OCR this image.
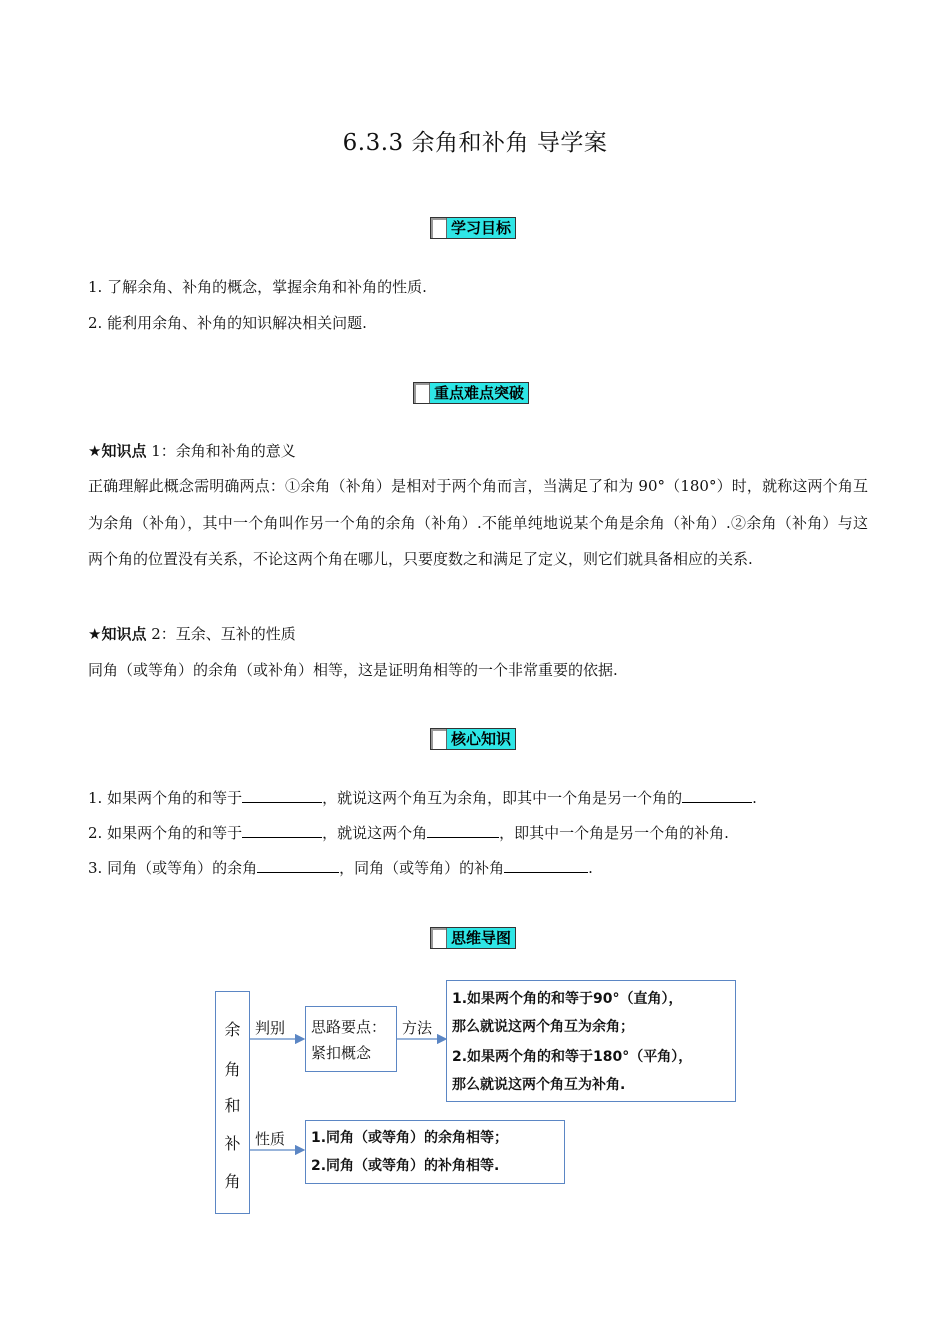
6.3.3 余角和补角 导学案
学习目标
1. 了解余角、补角的概念，掌握余角和补角的性质.
2. 能利用余角、补角的知识解决相关问题.
重点难点突破
★知识点 1：余角和补角的意义
正确理解此概念需明确两点：①余角（补角）是相对于两个角而言，当满足了和为 90°（180°）时，就称这两个角互为余角（补角），其中一个角叫作另一个角的余角（补角）.不能单纯地说某个角是余角（补角）.②余角（补角）与这两个角的位置没有关系，不论这两个角在哪儿，只要度数之和满足了定义，则它们就具备相应的关系.
★知识点 2：互余、互补的性质
同角（或等角）的余角（或补角）相等，这是证明角相等的一个非常重要的依据.
核心知识
1. 如果两个角的和等于	，就说这两个角互为余角，即其中一个角是另一个角的	.
2. 如果两个角的和等于	，就说这两个角	，即其中一个角是另一个角的补角.
3. 同角（或等角）的余角	，同角（或等角）的补角	.
思维导图
余
角
和
补
角
判别
性质
方法
思路要点：
紧扣概念
1.如果两个角的和等于90°（直角），
那么就说这两个角互为余角；
2.如果两个角的和等于180°（平角），
那么就说这两个角互为补角.
1.同角（或等角）的余角相等；
2.同角（或等角）的补角相等.
